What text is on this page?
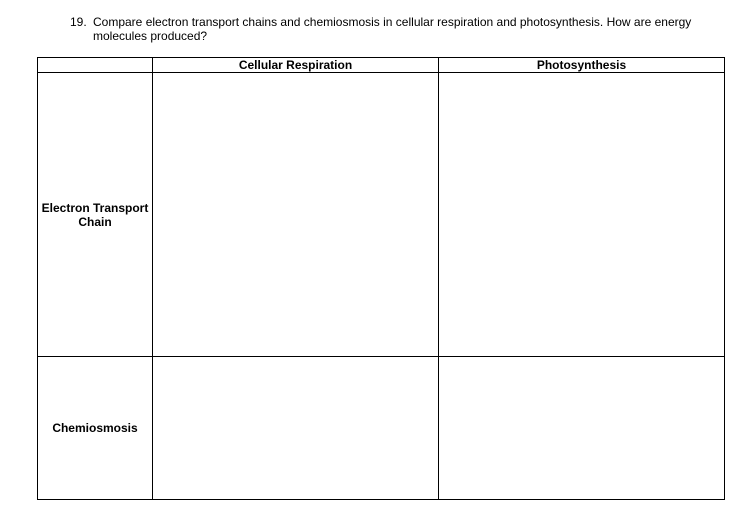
19. Compare electron transport chains and chemiosmosis in cellular respiration and photosynthesis. How are energy molecules produced?
	Cellular Respiration	Photosynthesis
Electron Transport Chain		
Chemiosmosis		
